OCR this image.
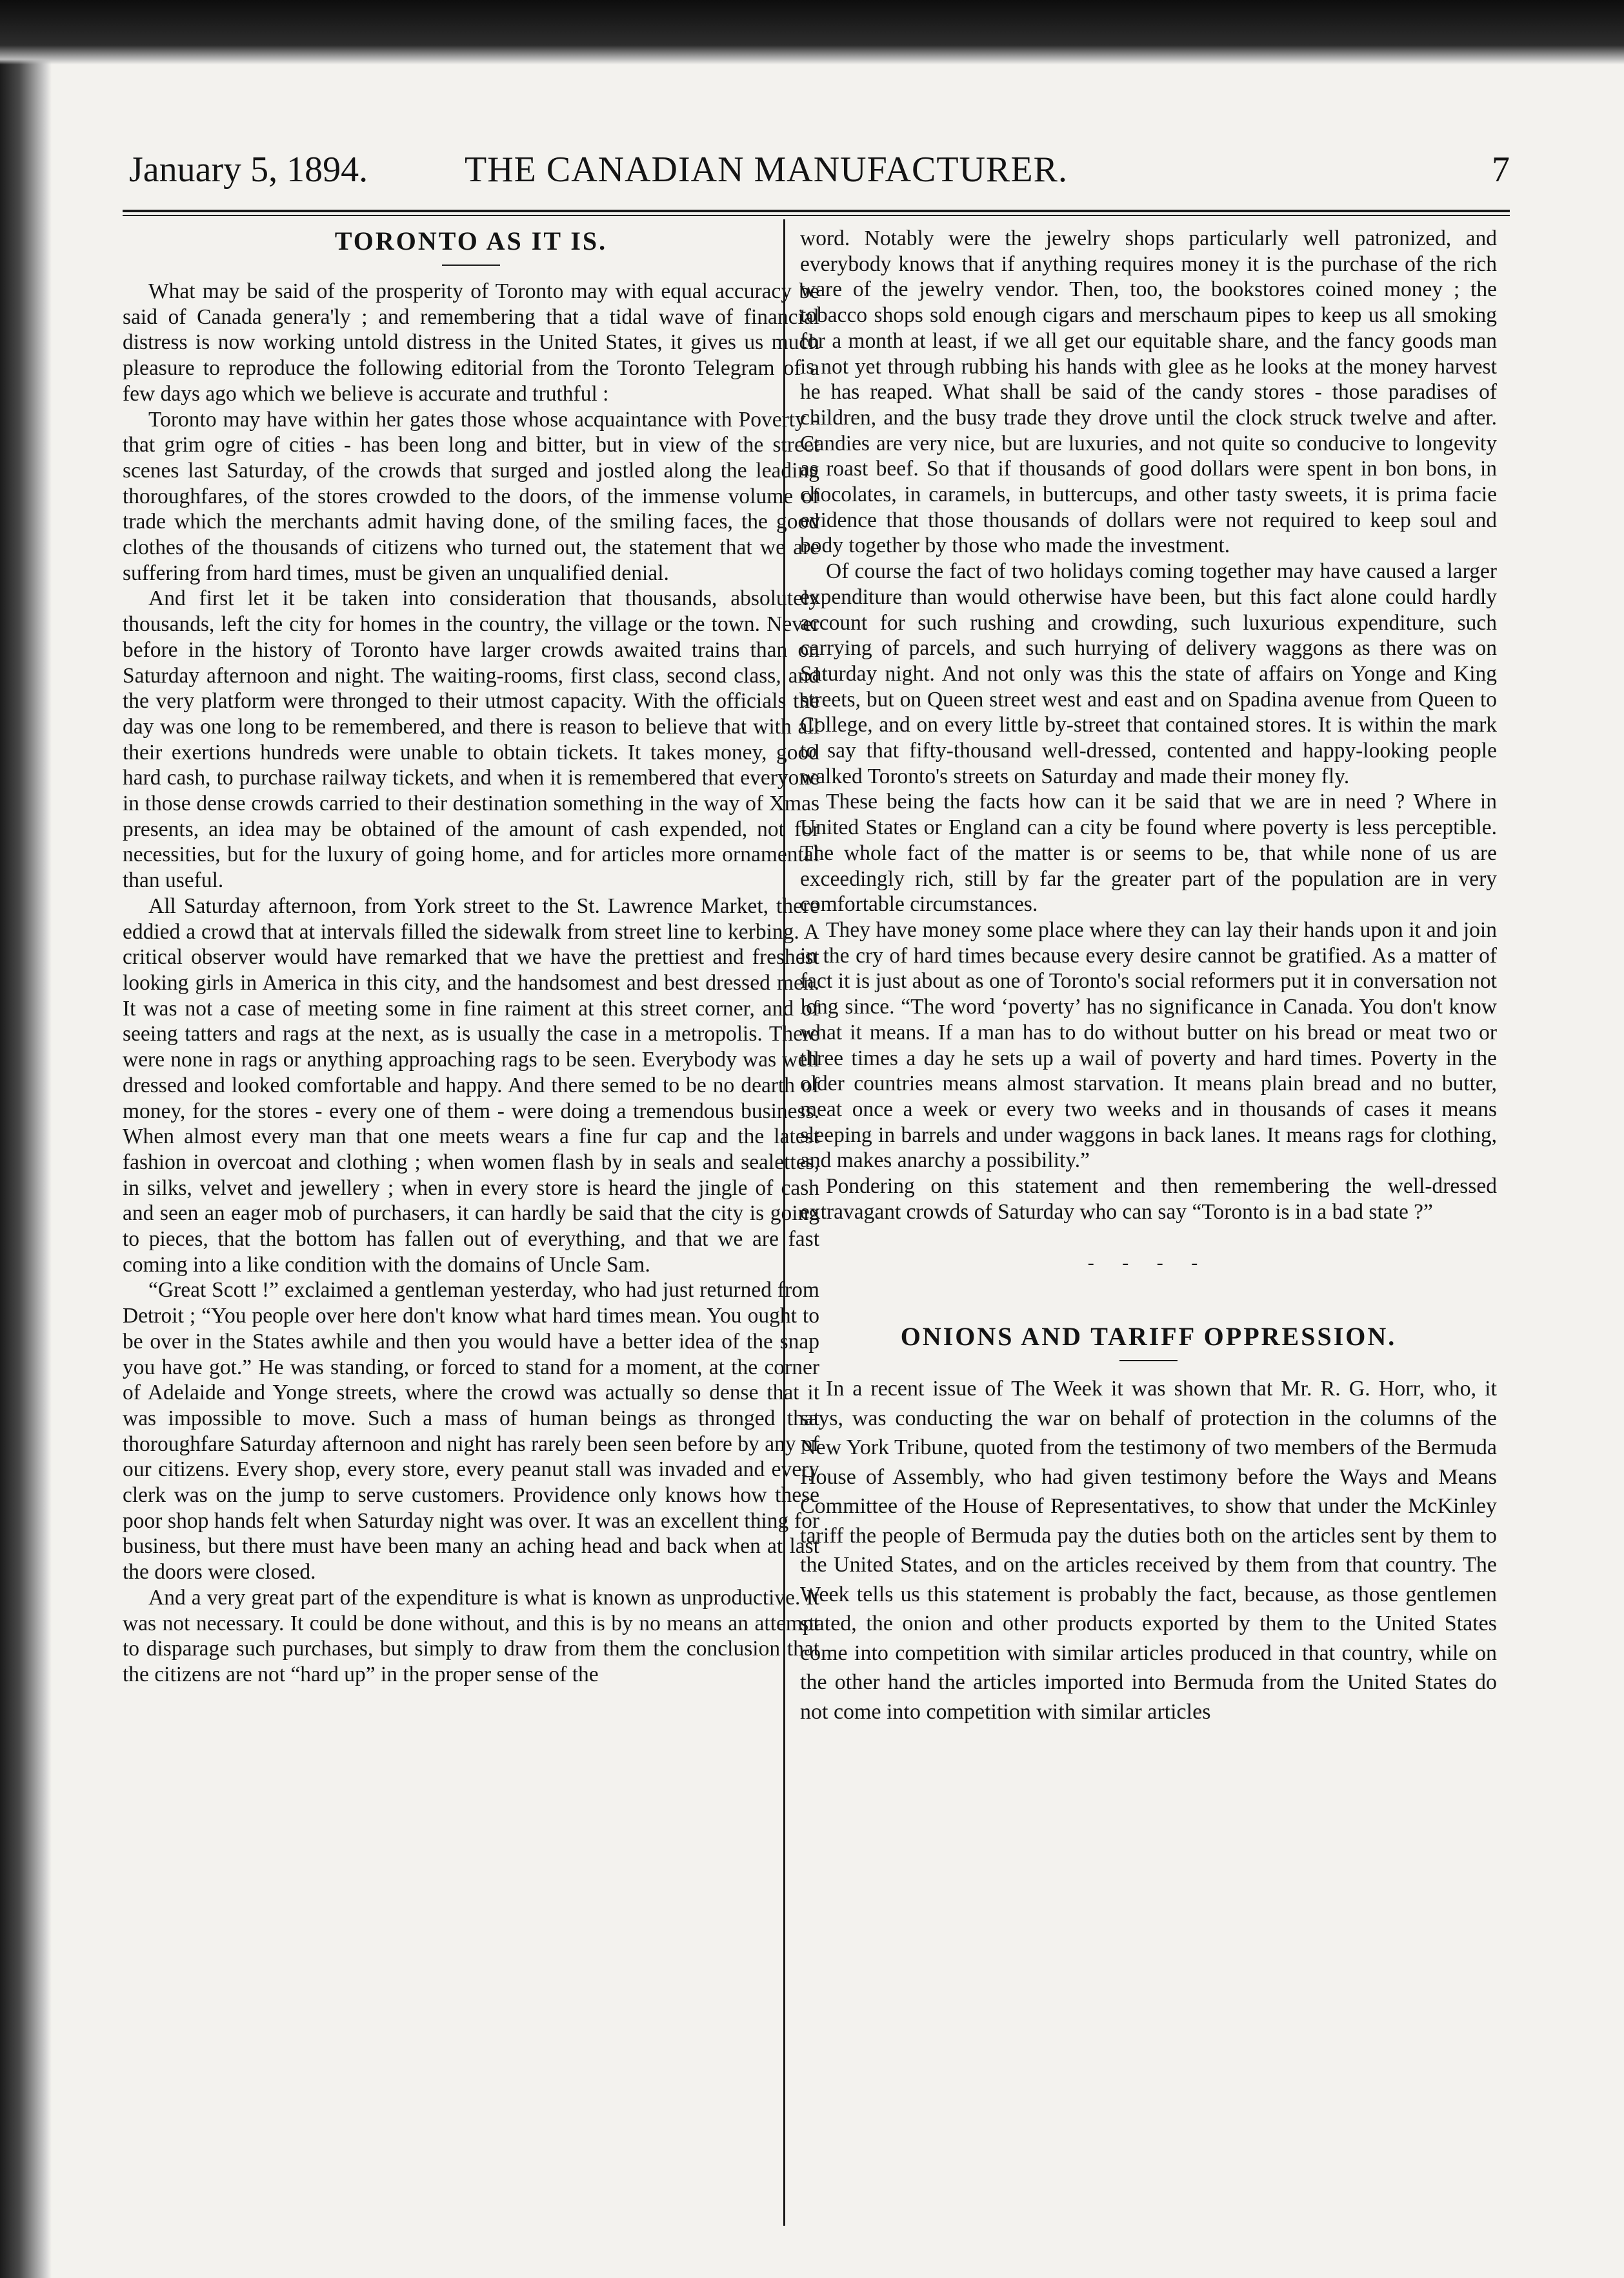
January 5, 1894.	THE CANADIAN MANUFACTURER.	7
TORONTO AS IT IS.

What may be said of the prosperity of Toronto may with equal accuracy be said of Canada genera'ly ; and remembering that a tidal wave of financial distress is now working untold distress in the United States, it gives us much pleasure to reproduce the following editorial from the Toronto Telegram of a few days ago which we believe is accurate and truthful :

Toronto may have within her gates those whose acquaintance with Poverty - that grim ogre of cities - has been long and bitter, but in view of the street scenes last Saturday, of the crowds that surged and jostled along the leading thoroughfares, of the stores crowded to the doors, of the immense volume of trade which the merchants admit having done, of the smiling faces, the good clothes of the thousands of citizens who turned out, the statement that we are suffering from hard times, must be given an unqualified denial.

And first let it be taken into consideration that thousands, absolutely thousands, left the city for homes in the country, the village or the town. Never before in the history of Toronto have larger crowds awaited trains than on Saturday afternoon and night. The waiting-rooms, first class, second class, and the very platform were thronged to their utmost capacity. With the officials the day was one long to be remembered, and there is reason to believe that with all their exertions hundreds were unable to obtain tickets. It takes money, good hard cash, to purchase railway tickets, and when it is remembered that everyone in those dense crowds carried to their destination something in the way of Xmas presents, an idea may be obtained of the amount of cash expended, not for necessities, but for the luxury of going home, and for articles more ornamental than useful.

All Saturday afternoon, from York street to the St. Lawrence Market, there eddied a crowd that at intervals filled the sidewalk from street line to kerbing. A critical observer would have remarked that we have the prettiest and freshest looking girls in America in this city, and the handsomest and best dressed men. It was not a case of meeting some in fine raiment at this street corner, and of seeing tatters and rags at the next, as is usually the case in a metropolis. There were none in rags or anything approaching rags to be seen. Everybody was well dressed and looked comfortable and happy. And there semed to be no dearth of money, for the stores - every one of them - were doing a tremendous business. When almost every man that one meets wears a fine fur cap and the latest fashion in overcoat and clothing ; when women flash by in seals and sealettes, in silks, velvet and jewellery ; when in every store is heard the jingle of cash and seen an eager mob of purchasers, it can hardly be said that the city is going to pieces, that the bottom has fallen out of everything, and that we are fast coming into a like condition with the domains of Uncle Sam.

“Great Scott !” exclaimed a gentleman yesterday, who had just returned from Detroit ; “You people over here don't know what hard times mean. You ought to be over in the States awhile and then you would have a better idea of the snap you have got.” He was standing, or forced to stand for a moment, at the corner of Adelaide and Yonge streets, where the crowd was actually so dense that it was impossible to move. Such a mass of human beings as thronged that thoroughfare Saturday afternoon and night has rarely been seen before by any of our citizens. Every shop, every store, every peanut stall was invaded and every clerk was on the jump to serve customers. Providence only knows how these poor shop hands felt when Saturday night was over. It was an excellent thing for business, but there must have been many an aching head and back when at last the doors were closed.

And a very great part of the expenditure is what is known as unproductive. It was not necessary. It could be done without, and this is by no means an attempt to disparage such purchases, but simply to draw from them the conclusion that the citizens are not “hard up” in the proper sense of the

word. Notably were the jewelry shops particularly well patronized, and everybody knows that if anything requires money it is the purchase of the rich ware of the jewelry vendor. Then, too, the bookstores coined money ; the tobacco shops sold enough cigars and merschaum pipes to keep us all smoking for a month at least, if we all get our equitable share, and the fancy goods man is not yet through rubbing his hands with glee as he looks at the money harvest he has reaped. What shall be said of the candy stores - those paradises of children, and the busy trade they drove until the clock struck twelve and after. Candies are very nice, but are luxuries, and not quite so conducive to longevity as roast beef. So that if thousands of good dollars were spent in bon bons, in chocolates, in caramels, in buttercups, and other tasty sweets, it is prima facie evidence that those thousands of dollars were not required to keep soul and body together by those who made the investment.

Of course the fact of two holidays coming together may have caused a larger expenditure than would otherwise have been, but this fact alone could hardly account for such rushing and crowding, such luxurious expenditure, such carrying of parcels, and such hurrying of delivery waggons as there was on Saturday night. And not only was this the state of affairs on Yonge and King streets, but on Queen street west and east and on Spadina avenue from Queen to College, and on every little by-street that contained stores. It is within the mark to say that fifty-thousand well-dressed, contented and happy-looking people walked Toronto's streets on Saturday and made their money fly.

These being the facts how can it be said that we are in need ? Where in United States or England can a city be found where poverty is less perceptible. The whole fact of the matter is or seems to be, that while none of us are exceedingly rich, still by far the greater part of the population are in very comfortable circumstances.

They have money some place where they can lay their hands upon it and join in the cry of hard times because every desire cannot be gratified. As a matter of fact it is just about as one of Toronto's social reformers put it in conversation not long since. “The word ‘poverty’ has no significance in Canada. You don't know what it means. If a man has to do without butter on his bread or meat two or three times a day he sets up a wail of poverty and hard times. Poverty in the older countries means almost starvation. It means plain bread and no butter, meat once a week or every two weeks and in thousands of cases it means sleeping in barrels and under waggons in back lanes. It means rags for clothing, and makes anarchy a possibility.”

Pondering on this statement and then remembering the well-dressed extravagant crowds of Saturday who can say “Toronto is in a bad state ?”

- - - -
ONIONS AND TARIFF OPPRESSION.

In a recent issue of The Week it was shown that Mr. R. G. Horr, who, it says, was conducting the war on behalf of protection in the columns of the New York Tribune, quoted from the testimony of two members of the Bermuda House of Assembly, who had given testimony before the Ways and Means Committee of the House of Representatives, to show that under the McKinley tariff the people of Bermuda pay the duties both on the articles sent by them to the United States, and on the articles received by them from that country. The Week tells us this statement is probably the fact, because, as those gentlemen stated, the onion and other products exported by them to the United States come into competition with similar articles produced in that country, while on the other hand the articles imported into Bermuda from the United States do not come into competition with similar articles
